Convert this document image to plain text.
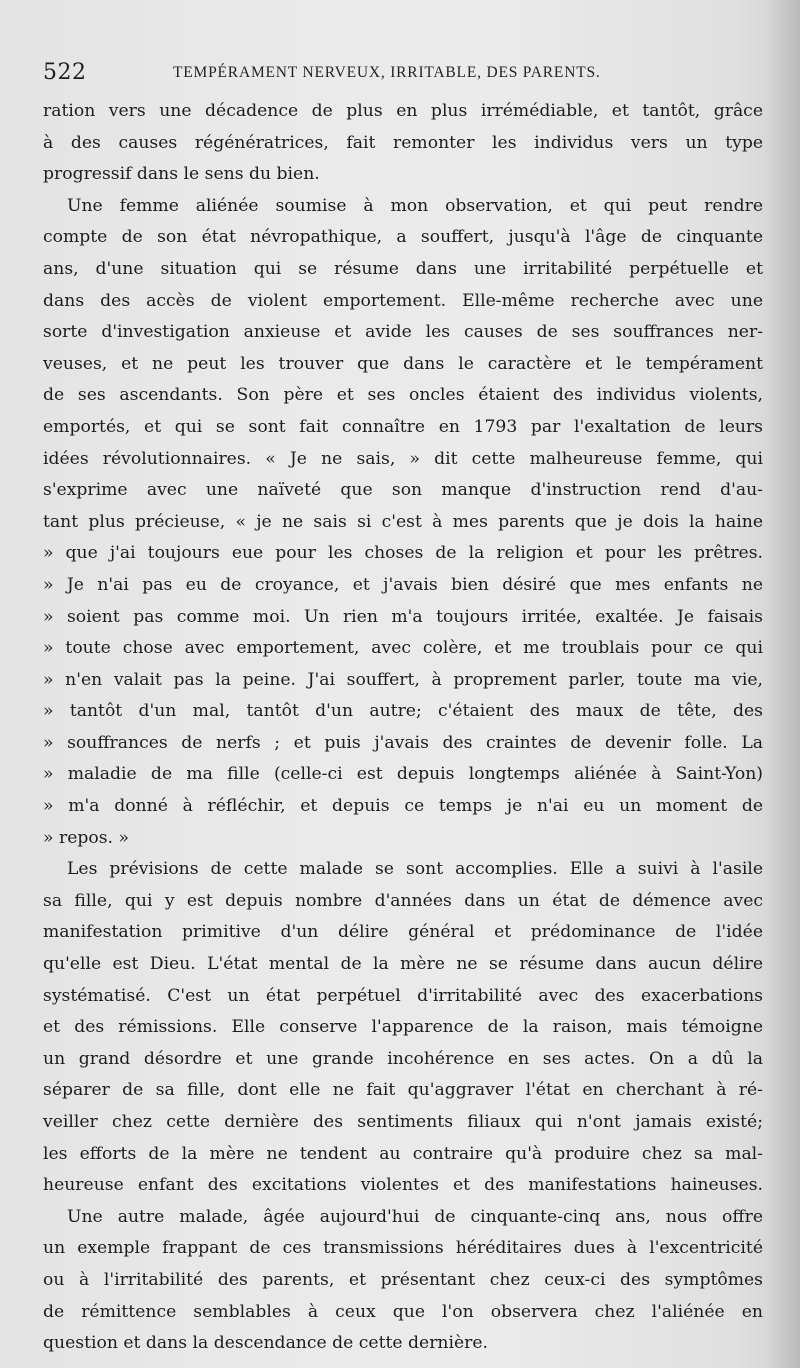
522	TEMPÉRAMENT NERVEUX, IRRITABLE, DES PARENTS.
ration vers une décadence de plus en plus irrémédiable, et tantôt, grâce
à des causes régénératrices, fait remonter les individus vers un type
progressif dans le sens du bien.
Une femme aliénée soumise à mon observation, et qui peut rendre
compte de son état névropathique, a souffert, jusqu'à l'âge de cinquante
ans, d'une situation qui se résume dans une irritabilité perpétuelle et
dans des accès de violent emportement. Elle-même recherche avec une
sorte d'investigation anxieuse et avide les causes de ses souffrances ner-
veuses, et ne peut les trouver que dans le caractère et le tempérament
de ses ascendants. Son père et ses oncles étaient des individus violents,
emportés, et qui se sont fait connaître en 1793 par l'exaltation de leurs
idées révolutionnaires. « Je ne sais, » dit cette malheureuse femme, qui
s'exprime avec une naïveté que son manque d'instruction rend d'au-
tant plus précieuse, « je ne sais si c'est à mes parents que je dois la haine
» que j'ai toujours eue pour les choses de la religion et pour les prêtres.
» Je n'ai pas eu de croyance, et j'avais bien désiré que mes enfants ne
» soient pas comme moi. Un rien m'a toujours irritée, exaltée. Je faisais
» toute chose avec emportement, avec colère, et me troublais pour ce qui
» n'en valait pas la peine. J'ai souffert, à proprement parler, toute ma vie,
» tantôt d'un mal, tantôt d'un autre; c'étaient des maux de tête, des
» souffrances de nerfs ; et puis j'avais des craintes de devenir folle. La
» maladie de ma fille (celle-ci est depuis longtemps aliénée à Saint-Yon)
» m'a donné à réfléchir, et depuis ce temps je n'ai eu un moment de
» repos. »
Les prévisions de cette malade se sont accomplies. Elle a suivi à l'asile
sa fille, qui y est depuis nombre d'années dans un état de démence avec
manifestation primitive d'un délire général et prédominance de l'idée
qu'elle est Dieu. L'état mental de la mère ne se résume dans aucun délire
systématisé. C'est un état perpétuel d'irritabilité avec des exacerbations
et des rémissions. Elle conserve l'apparence de la raison, mais témoigne
un grand désordre et une grande incohérence en ses actes. On a dû la
séparer de sa fille, dont elle ne fait qu'aggraver l'état en cherchant à ré-
veiller chez cette dernière des sentiments filiaux qui n'ont jamais existé;
les efforts de la mère ne tendent au contraire qu'à produire chez sa mal-
heureuse enfant des excitations violentes et des manifestations haineuses.
Une autre malade, âgée aujourd'hui de cinquante-cinq ans, nous offre
un exemple frappant de ces transmissions héréditaires dues à l'excentricité
ou à l'irritabilité des parents, et présentant chez ceux-ci des symptômes
de rémittence semblables à ceux que l'on observera chez l'aliénée en
question et dans la descendance de cette dernière.
